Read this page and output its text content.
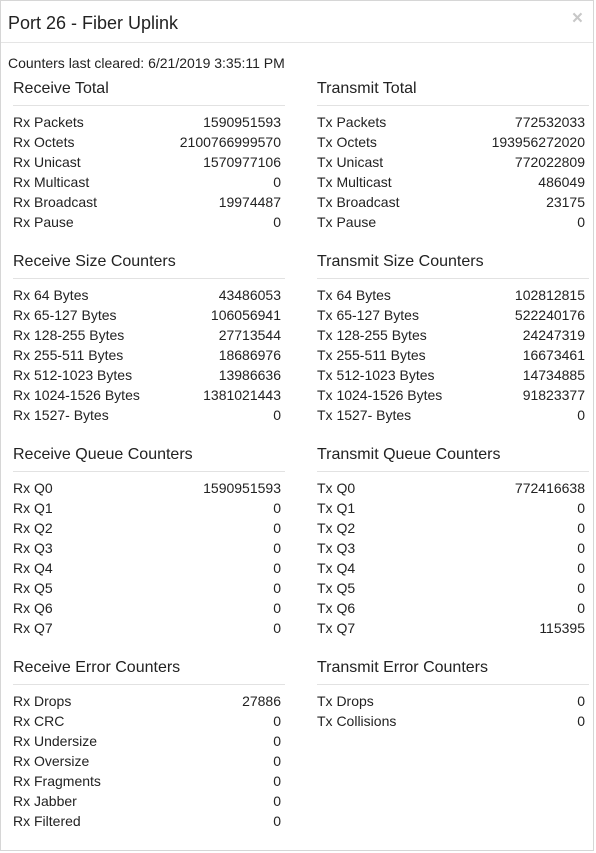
Port 26 - Fiber Uplink	×
Counters last cleared: 6/21/2019 3:35:11 PM
Receive Total
Rx Packets	1590951593
Rx Octets	2100766999570
Rx Unicast	1570977106
Rx Multicast	0
Rx Broadcast	19974487
Rx Pause	0
Receive Size Counters
Rx 64 Bytes	43486053
Rx 65-127 Bytes	106056941
Rx 128-255 Bytes	27713544
Rx 255-511 Bytes	18686976
Rx 512-1023 Bytes	13986636
Rx 1024-1526 Bytes	1381021443
Rx 1527- Bytes	0
Receive Queue Counters
Rx Q0	1590951593
Rx Q1	0
Rx Q2	0
Rx Q3	0
Rx Q4	0
Rx Q5	0
Rx Q6	0
Rx Q7	0
Receive Error Counters
Rx Drops	27886
Rx CRC	0
Rx Undersize	0
Rx Oversize	0
Rx Fragments	0
Rx Jabber	0
Rx Filtered	0
Transmit Total
Tx Packets	772532033
Tx Octets	193956272020
Tx Unicast	772022809
Tx Multicast	486049
Tx Broadcast	23175
Tx Pause	0
Transmit Size Counters
Tx 64 Bytes	102812815
Tx 65-127 Bytes	522240176
Tx 128-255 Bytes	24247319
Tx 255-511 Bytes	16673461
Tx 512-1023 Bytes	14734885
Tx 1024-1526 Bytes	91823377
Tx 1527- Bytes	0
Transmit Queue Counters
Tx Q0	772416638
Tx Q1	0
Tx Q2	0
Tx Q3	0
Tx Q4	0
Tx Q5	0
Tx Q6	0
Tx Q7	115395
Transmit Error Counters
Tx Drops	0
Tx Collisions	0
